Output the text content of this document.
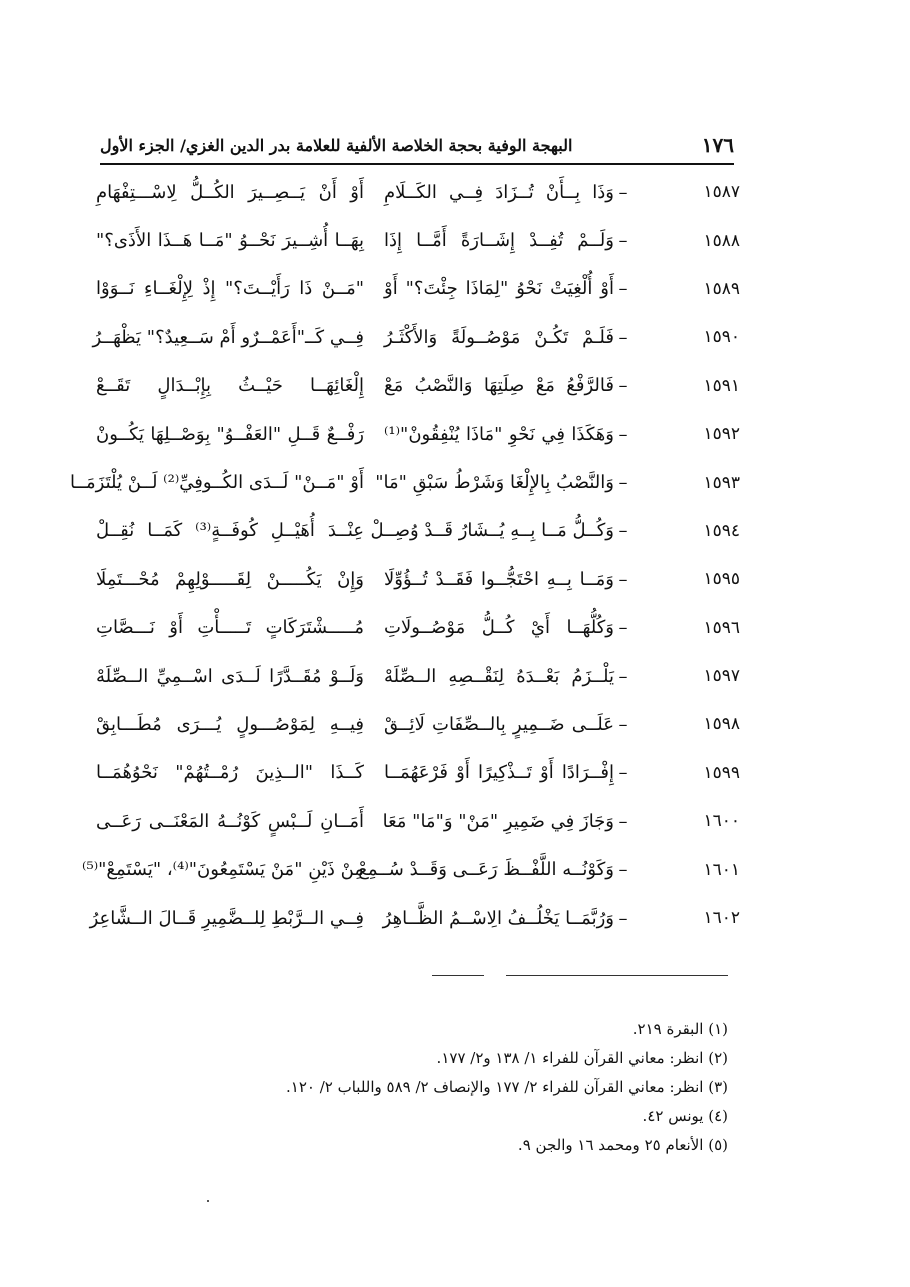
١٧٦
البهجة الوفية بحجة الخلاصة الألفية للعلامة بدر الدين الغزي/ الجزء الأول
١٥٨٧
–
وَذَا بِــأَنْ تُــزَادَ فِــي الكَــلَامِ
أَوْ أَنْ يَــصِــيرَ الكُــلُّ لِاسْـــتِفْهَامِ
١٥٨٨
–
وَلَــمْ تُفِــدْ إِشَــارَةً أَمَّــا إِذَا
بِهَــا أُشِــيرَ نَحْــوُ "مَــا هَــذَا الأَذَى؟"
١٥٨٩
–
أَوْ أُلْغِيَتْ نَحْوُ "لِمَاذَا جِئْتَ؟" أَوْ
"مَــنْ ذَا رَأَيْــتَ؟" إِذْ لِإِلْغَــاءِ نَــوَوْا
١٥٩٠
–
فَلَـمْ تَكُـنْ مَوْصُــولَةً وَالأَكْثَـرُ
فِــي كَــ"أَعَمْــرٌو أَمْ سَــعِيدٌ؟" يَظْهَــرُ
١٥٩١
–
فَالرَّفْعُ مَعْ صِلَتِهَا وَالنَّصْبُ مَعْ
إِلْغَائِهَــا حَيْــثُ بِإِبْــدَالٍ تَقَــعْ
١٥٩٢
–
وَهَكَذَا فِي نَحْوِ "مَاذَا يُنْفِقُونْ"⁽¹⁾
رَفْــعٌ قَــلِ "العَفْــوُ" بِوَصْــلِهَا يَكُــونْ
١٥٩٣
–
وَالنَّصْبُ بِالإِلْغَا وَشَرْطُ سَبْقِ "مَا"
أَوْ "مَــنْ" لَــدَى الكُــوفِيِّ⁽²⁾ لَــنْ يُلْتَزَمَــا
١٥٩٤
–
وَكُــلُّ مَــا بِــهِ يُــشَارُ قَــدْ وُصِــلْ
عِنْــدَ أُهَيْــلِ كُوفَــةٍ⁽³⁾ كَمَــا نُقِــلْ
١٥٩٥
–
وَمَــا بِــهِ احْتَجُّــوا فَقَــدْ تُــؤُوِّلَا
وَإِنْ يَكُـــــنْ لِقَـــــوْلِهِمْ مُحْـــتَمِلَا
١٥٩٦
–
وَكُلُّهَــا أَيْ كُــلُّ مَوْصُــولَاتِ
مُـــــشْتَرَكَاتٍ تَـــــأْتِ أَوْ نَـــصَّاتِ
١٥٩٧
–
يَلْــزَمُ بَعْــدَهُ لِنَقْــصِهِ الــصِّلَهْ
وَلَــوْ مُقَــدَّرًا لَــدَى اسْــمِيِّ الــصِّلَهْ
١٥٩٨
–
عَلَــى ضَــمِيرٍ بِالــصِّفَاتِ لَائِــقْ
فِيــهِ لِمَوْصُـــولٍ يُـــرَى مُطَـــابِقْ
١٥٩٩
–
إِفْــرَادًا أَوْ تَــذْكِيرًا أَوْ فَرْعَهُمَــا
كَــذَا "الــذِينَ رُمْــتُهُمْ" نَحْوُهُمَــا
١٦٠٠
–
وَجَازَ فِي ضَمِيرِ "مَنْ" وَ"مَا" مَعَا
أَمَــانِ لَــبْسٍ كَوْنُــهُ المَعْنَــى رَعَــى
١٦٠١
–
وَكَوْنُــه اللَّفْــظَ رَعَــى وَقَــدْ سُــمِعْ
مِنْ ذَيْنِ "مَنْ يَسْتَمِعُونَ"⁽⁴⁾، "يَسْتَمِعْ"⁽⁵⁾
١٦٠٢
–
وَرُبَّمَــا يَخْلُــفُ الِاسْــمُ الظَّــاهِرُ
فِــي الــرَّبْطِ لِلــضَّمِيرِ قَــالَ الــشَّاعِرُ
(١) البقرة ٢١٩.
(٢) انظر: معاني القرآن للفراء ١/ ١٣٨ و٢/ ١٧٧.
(٣) انظر: معاني القرآن للفراء ٢/ ١٧٧ والإنصاف ٢/ ٥٨٩ واللباب ٢/ ١٢٠.
(٤) يونس ٤٢.
(٥) الأنعام ٢٥ ومحمد ١٦ والجن ٩.
